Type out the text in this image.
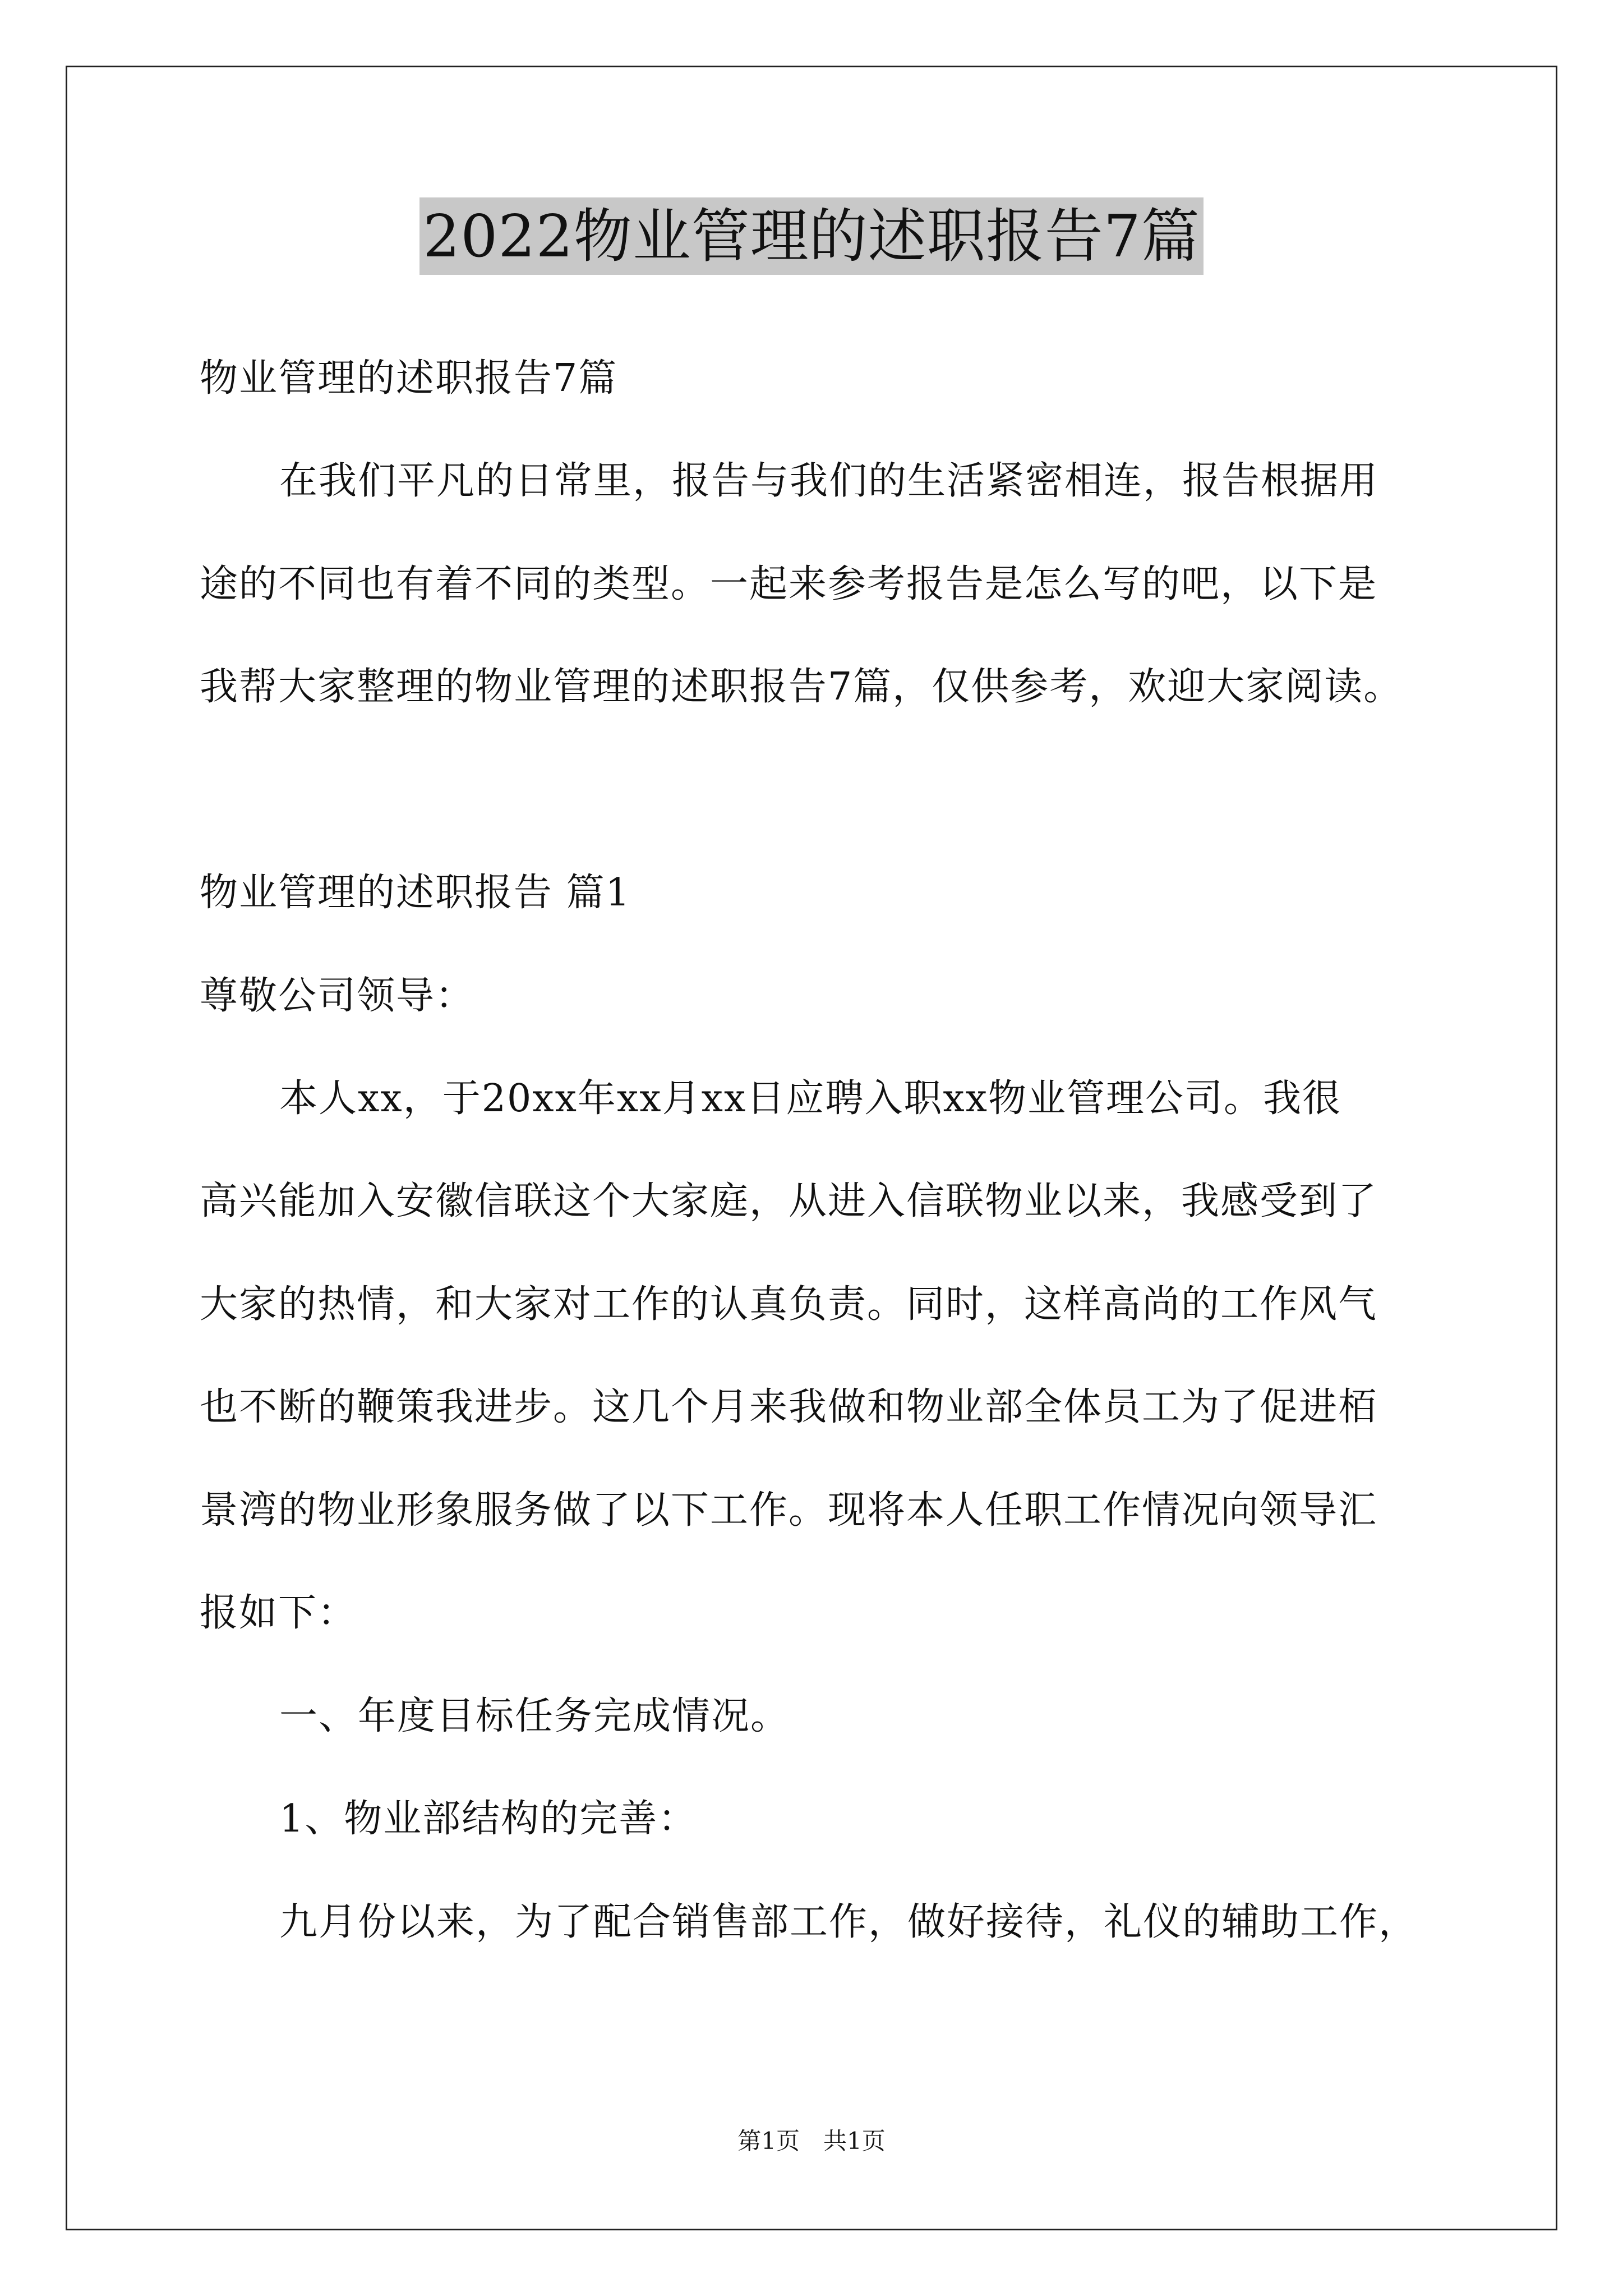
2022物业管理的述职报告7篇
物业管理的述职报告7篇
在我们平凡的日常里，报告与我们的生活紧密相连，报告根据用
途的不同也有着不同的类型。一起来参考报告是怎么写的吧，以下是
我帮大家整理的物业管理的述职报告7篇，仅供参考，欢迎大家阅读。
物业管理的述职报告 篇1
尊敬公司领导：
本人xx，于20xx年xx月xx日应聘入职xx物业管理公司。我很
高兴能加入安徽信联这个大家庭，从进入信联物业以来，我感受到了
大家的热情，和大家对工作的认真负责。同时，这样高尚的工作风气
也不断的鞭策我进步。这几个月来我做和物业部全体员工为了促进栢
景湾的物业形象服务做了以下工作。现将本人任职工作情况向领导汇
报如下：
一、年度目标任务完成情况。
1、物业部结构的完善：
九月份以来，为了配合销售部工作，做好接待，礼仪的辅助工作，
第1页 共1页
